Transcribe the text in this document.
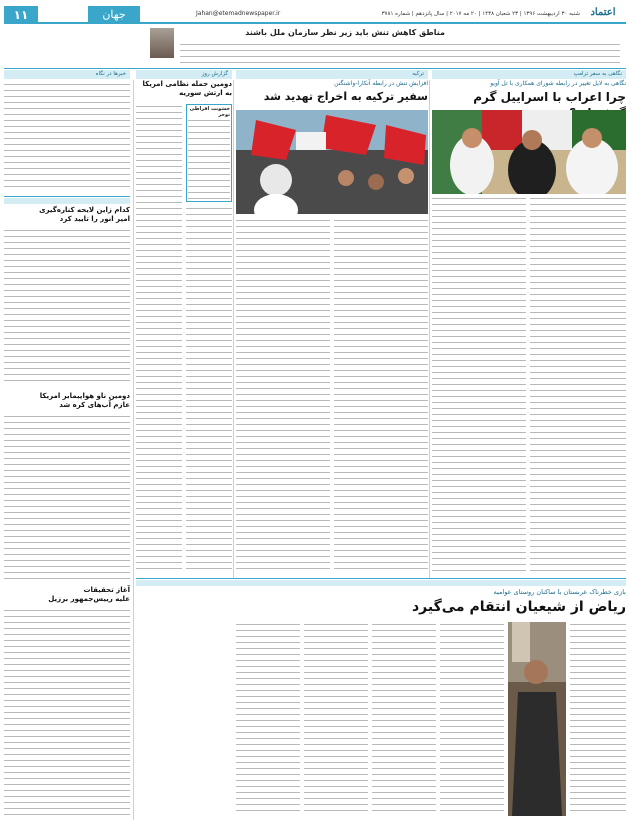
۱۱	جهان	Jahan@etemadnewspaper.ir	شنبه ۳۰ اردیبهشت ۱۳۹۶ | ۲۳ شعبان ۱۴۳۸ | ۲۰ مه ۲۰۱۷ | سال پانزدهم | شماره ۳۷۸۱	اعتماد
مناطق کاهش تنش باید زیر نظر سازمان ملل باشند
نگاهی به سفر ترامپ
ترکیه
گزارش روز
خبرها در نگاه
نگاهی به لایل تغییر در رابطه شورای همکاری با تل آویو
چرا اعراب با اسراییل گرم
افزایش تنش در رابطه آنکارا-واشنگتن
سفیر ترکیه به اخراج تهدید شد
دومین حمله نظامی امریکا
به ارتش سوریه
خشونت افراطی توخر
کدام زاین لایحه کناره‌گیری
امیر انور را تایید کرد
دومین ناو هواپیمابر امریکا
عازم آب‌های کره شد
آغاز تحقیقات
علیه رییس‌جمهور برزیل
بازی خطرناک عربستان با ساکنان روستای عوامیه
ریاض از شیعیان انتقام می‌گیرد
